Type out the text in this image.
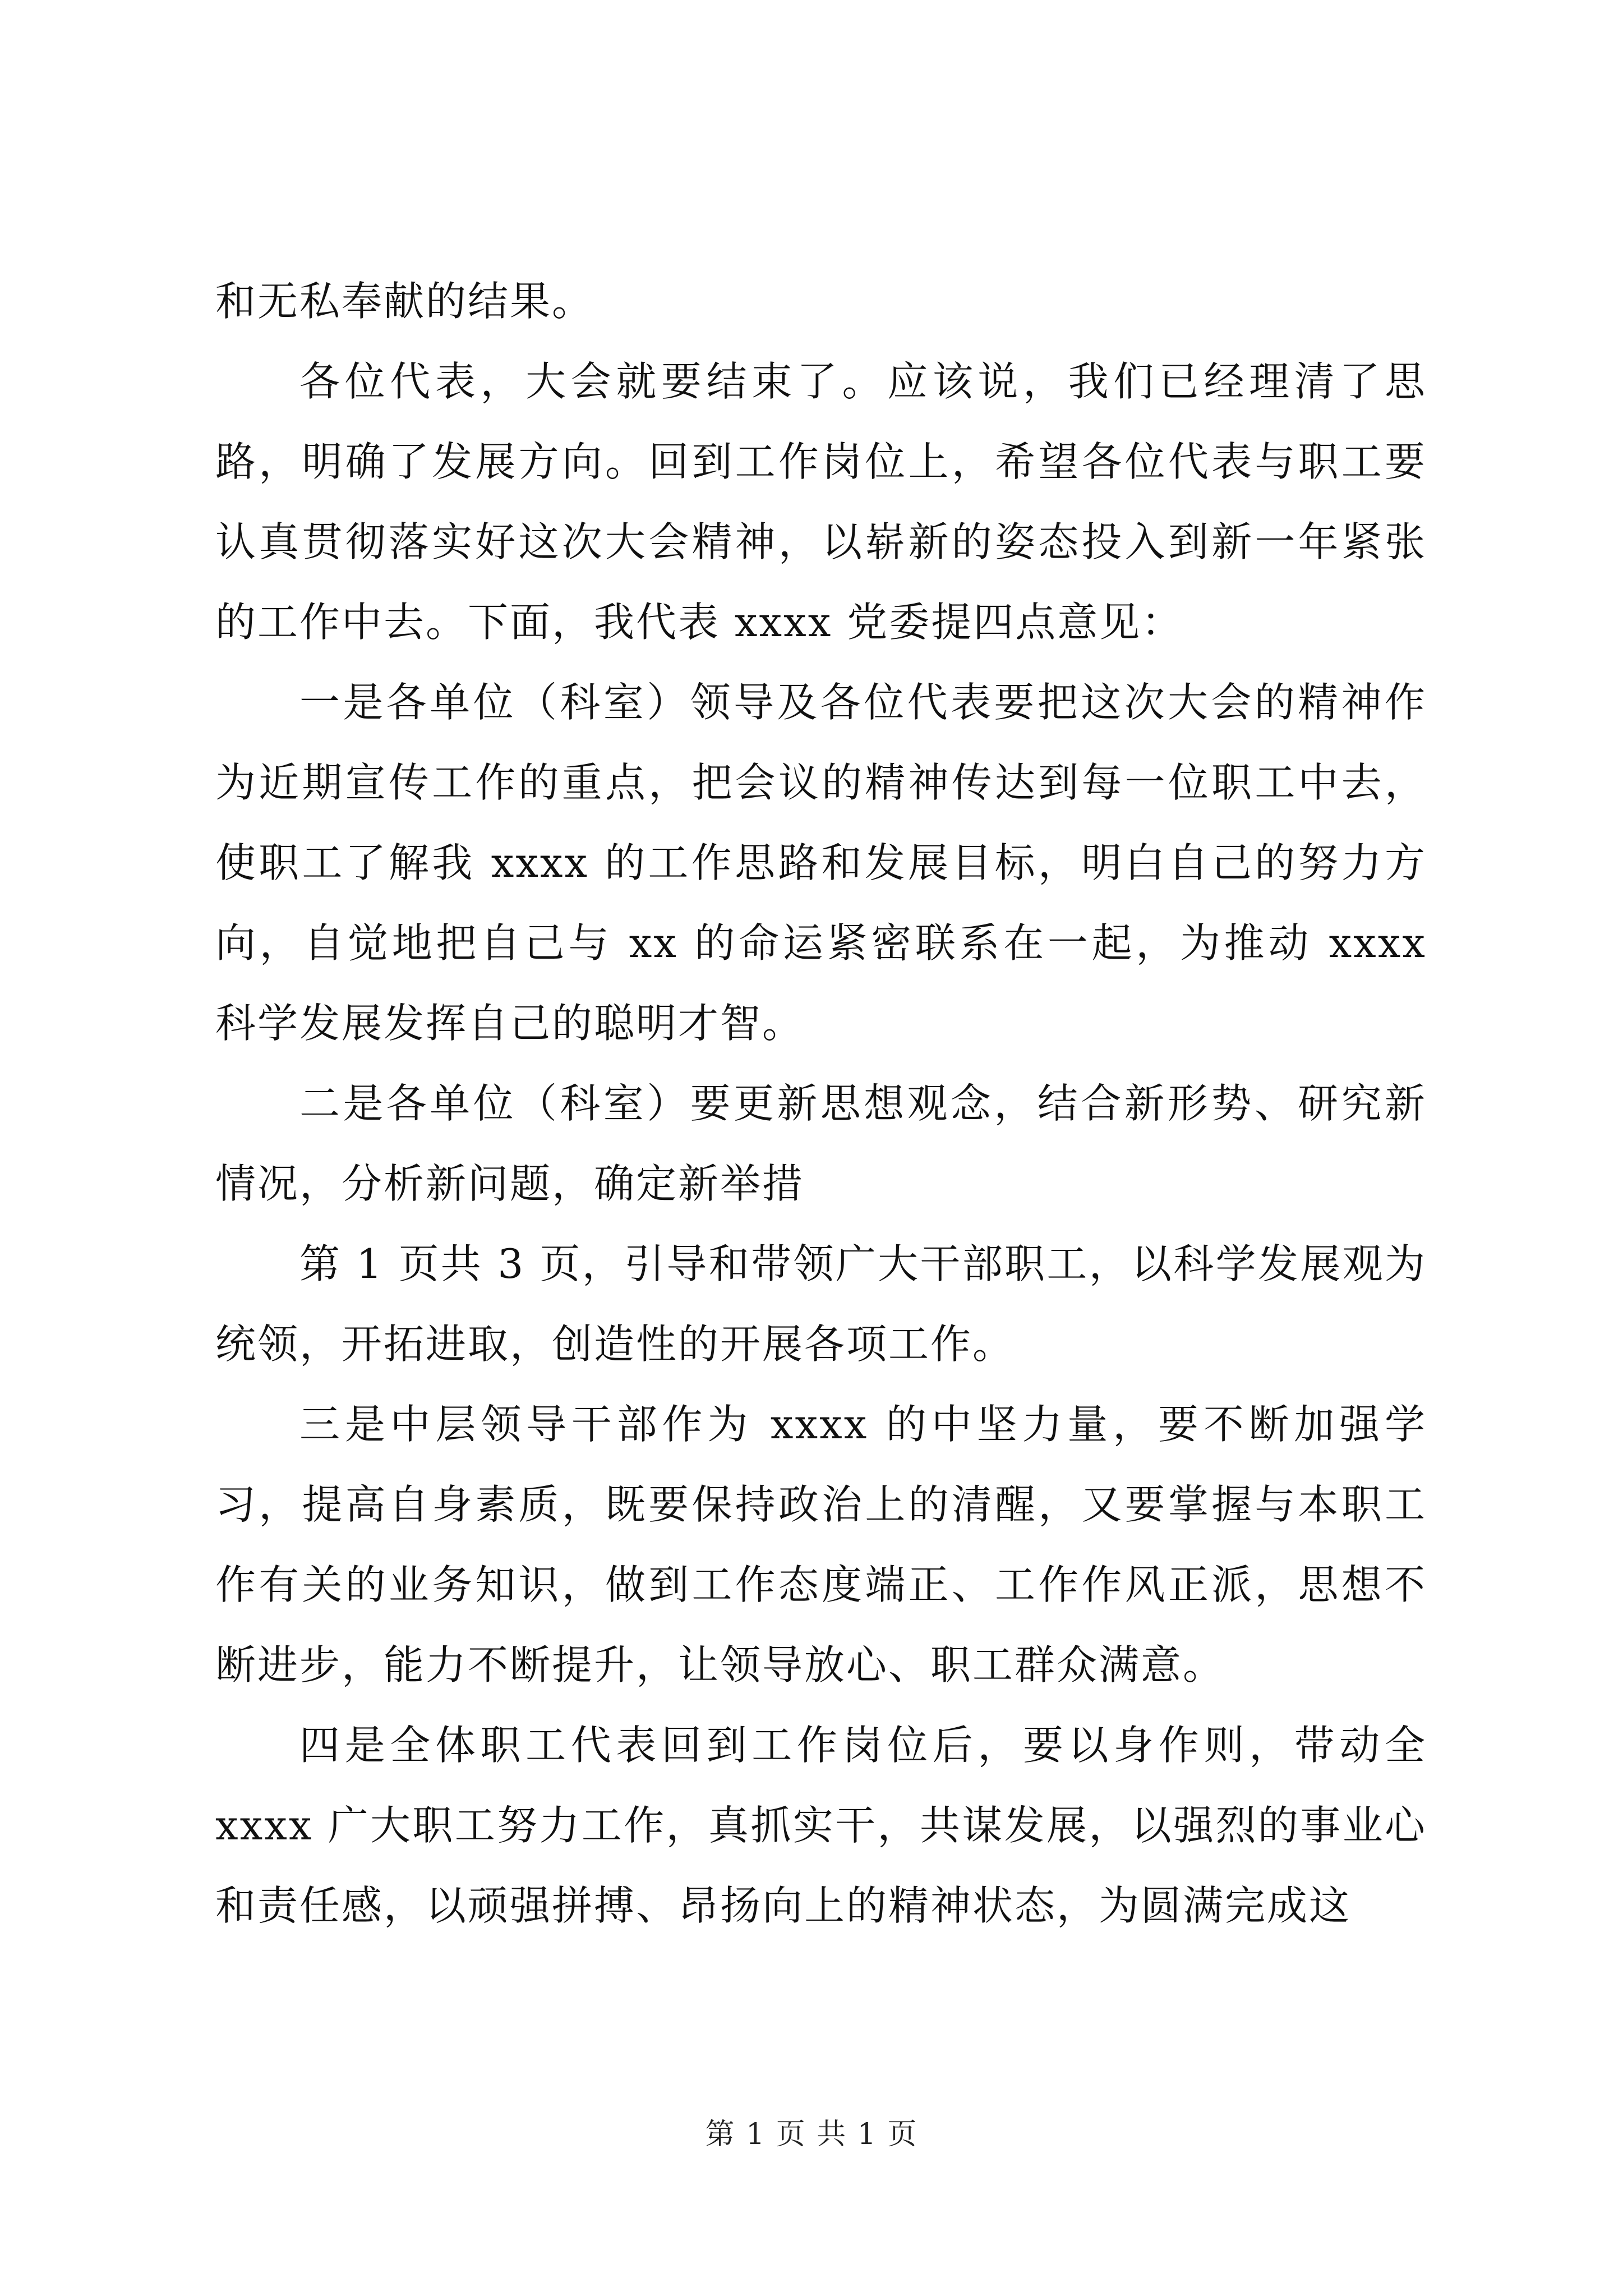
和无私奉献的结果。

各位代表，大会就要结束了。应该说，我们已经理清了思路，明确了发展方向。回到工作岗位上，希望各位代表与职工要认真贯彻落实好这次大会精神，以崭新的姿态投入到新一年紧张的工作中去。下面，我代表 xxxx 党委提四点意见：

一是各单位（科室）领导及各位代表要把这次大会的精神作为近期宣传工作的重点，把会议的精神传达到每一位职工中去，使职工了解我 xxxx 的工作思路和发展目标，明白自己的努力方向，自觉地把自己与 xx 的命运紧密联系在一起，为推动 xxxx 科学发展发挥自己的聪明才智。

二是各单位（科室）要更新思想观念，结合新形势、研究新情况，分析新问题，确定新举措

第 1 页共 3 页，引导和带领广大干部职工，以科学发展观为统领，开拓进取，创造性的开展各项工作。

三是中层领导干部作为 xxxx 的中坚力量，要不断加强学习，提高自身素质，既要保持政治上的清醒，又要掌握与本职工作有关的业务知识，做到工作态度端正、工作作风正派，思想不断进步，能力不断提升，让领导放心、职工群众满意。

四是全体职工代表回到工作岗位后，要以身作则，带动全 xxxx 广大职工努力工作，真抓实干，共谋发展，以强烈的事业心和责任感，以顽强拼搏、昂扬向上的精神状态，为圆满完成这

第 1 页 共 1 页
